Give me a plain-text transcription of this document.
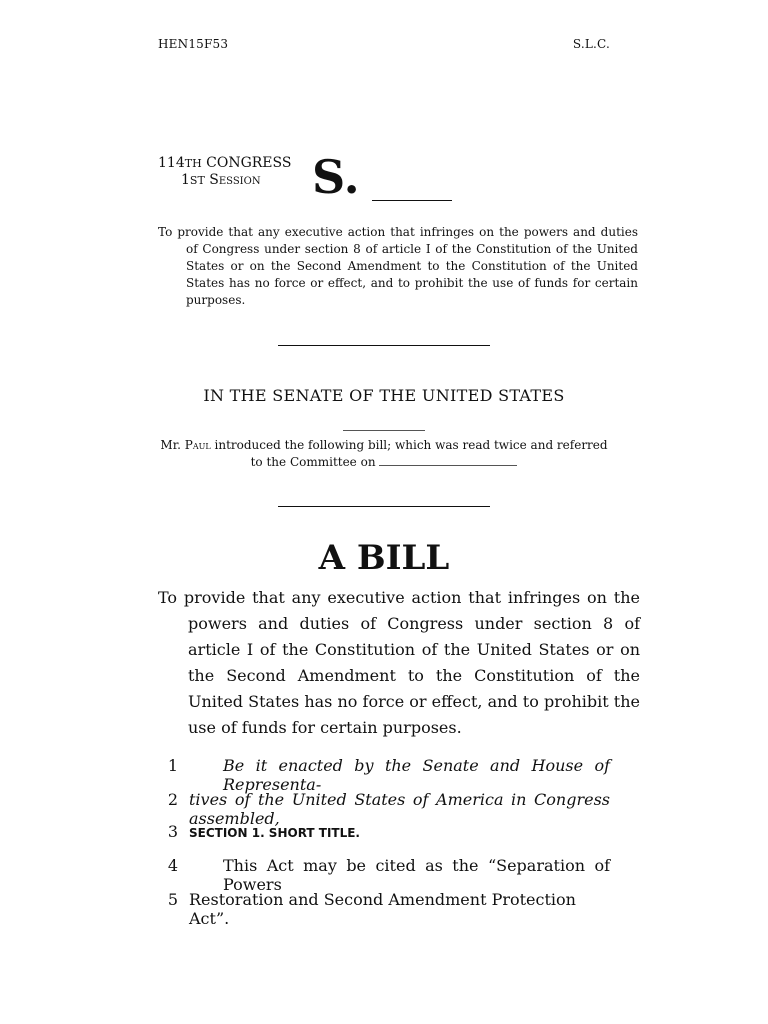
HEN15F53	S.L.C.
114TH CONGRESS
1ST Session	S.
To provide that any executive action that infringes on the powers and duties of Congress under section 8 of article I of the Constitution of the United States or on the Second Amendment to the Constitution of the United States has no force or effect, and to prohibit the use of funds for certain purposes.
IN THE SENATE OF THE UNITED STATES
Mr. Paul introduced the following bill; which was read twice and referred to the Committee on
A BILL
To provide that any executive action that infringes on the powers and duties of Congress under section 8 of article I of the Constitution of the United States or on the Second Amendment to the Constitution of the United States has no force or effect, and to prohibit the use of funds for certain purposes.
1	Be it enacted by the Senate and House of Representa-
2 tives of the United States of America in Congress assembled,
3 SECTION 1. SHORT TITLE.
4	This Act may be cited as the “Separation of Powers
5 Restoration and Second Amendment Protection Act”.
